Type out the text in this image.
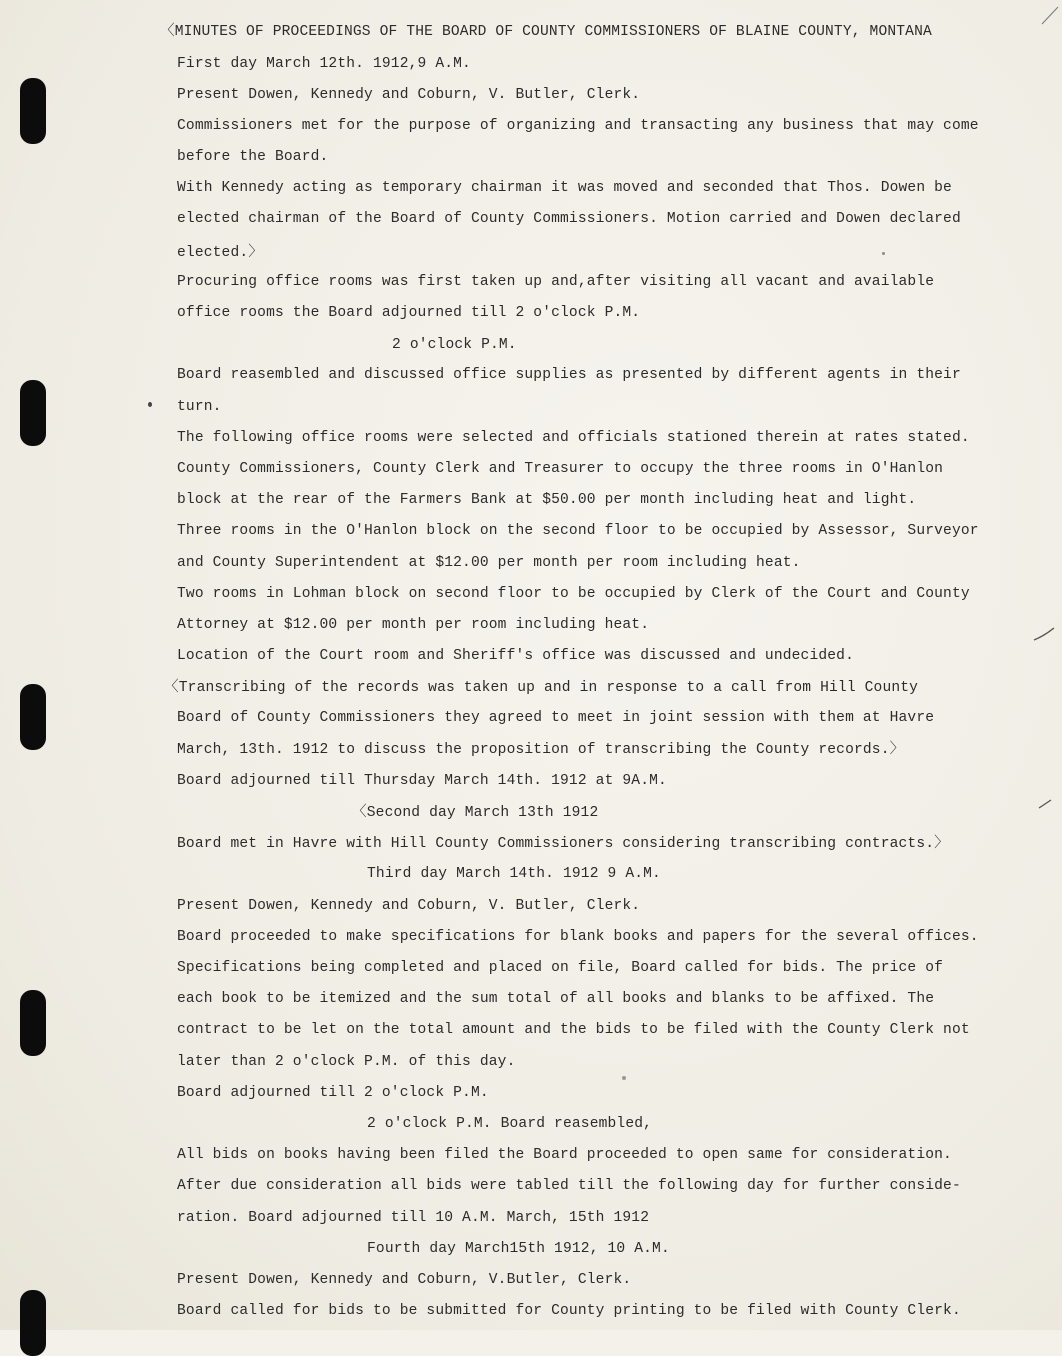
〈MINUTES OF PROCEEDINGS OF THE BOARD OF COUNTY COMMISSIONERS OF BLAINE COUNTY, MONTANA
First day March 12th. 1912,9 A.M.
Present Dowen, Kennedy and Coburn, V. Butler, Clerk.
Commissioners met for the purpose of organizing and transacting any business that may come
before the Board.
With Kennedy acting as temporary chairman it was moved and seconded that Thos. Dowen be
elected chairman of the Board of County Commissioners. Motion carried and Dowen declared
elected.〉
Procuring office rooms was first taken up and,after visiting all vacant and available
office rooms the Board adjourned till 2 o'clock P.M.
2 o'clock P.M.
Board reasembled and discussed office supplies as presented by different agents in their
turn.
The following office rooms were selected and officials stationed therein at rates stated.
County Commissioners, County Clerk and Treasurer to occupy the three rooms in O'Hanlon
block at the rear of the Farmers Bank at $50.00 per month including heat and light.
Three rooms in the O'Hanlon block on the second floor to be occupied by Assessor, Surveyor
and County Superintendent at $12.00 per month per room including heat.
Two rooms in Lohman block on second floor to be occupied by Clerk of the Court and County
Attorney at $12.00 per month per room including heat.
Location of the Court room and Sheriff's office was discussed and undecided.
〈Transcribing of the records was taken up and in response to a call from Hill County
Board of County Commissioners they agreed to meet in joint session with them at Havre
March, 13th. 1912 to discuss the proposition of transcribing the County records.〉
Board adjourned till Thursday March 14th. 1912 at 9A.M.
〈Second day March 13th 1912
Board met in Havre with Hill County Commissioners considering transcribing contracts.〉
Third day March 14th. 1912 9 A.M.
Present Dowen, Kennedy and Coburn, V. Butler, Clerk.
Board proceeded to make specifications for blank books and papers for the several offices.
Specifications being completed and placed on file, Board called for bids. The price of
each book to be itemized and the sum total of all books and blanks to be affixed. The
contract to be let on the total amount and the bids to be filed with the County Clerk not
later than 2 o'clock P.M. of this day.
Board adjourned till 2 o'clock P.M.
2 o'clock P.M. Board reasembled,
All bids on books having been filed the Board proceeded to open same for consideration.
After due consideration all bids were tabled till the following day for further conside-
ration. Board adjourned till 10 A.M. March, 15th 1912
Fourth day March15th 1912, 10 A.M.
Present Dowen, Kennedy and Coburn, V.Butler, Clerk.
Board called for bids to be submitted for County printing to be filed with County Clerk.
